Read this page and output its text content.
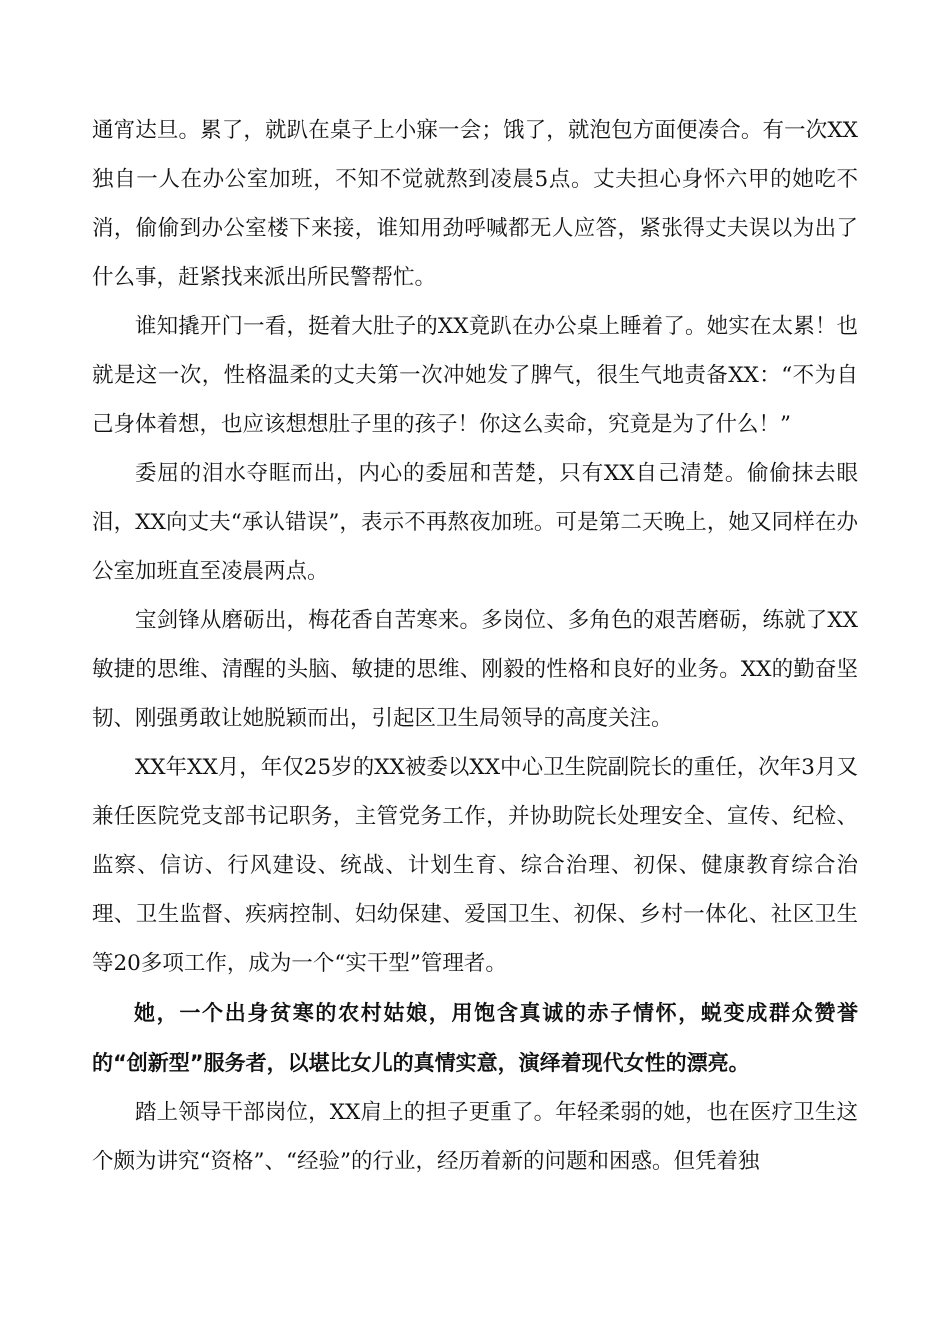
通宵达旦。累了，就趴在桌子上小寐一会；饿了，就泡包方面便凑合。有一次XX独自一人在办公室加班，不知不觉就熬到凌晨5点。丈夫担心身怀六甲的她吃不消，偷偷到办公室楼下来接，谁知用劲呼喊都无人应答，紧张得丈夫误以为出了什么事，赶紧找来派出所民警帮忙。

谁知撬开门一看，挺着大肚子的XX竟趴在办公桌上睡着了。她实在太累！也就是这一次，性格温柔的丈夫第一次冲她发了脾气，很生气地责备XX：“不为自己身体着想，也应该想想肚子里的孩子！你这么卖命，究竟是为了什么！”

委屈的泪水夺眶而出，内心的委屈和苦楚，只有XX自己清楚。偷偷抹去眼泪，XX向丈夫“承认错误”，表示不再熬夜加班。可是第二天晚上，她又同样在办公室加班直至凌晨两点。

宝剑锋从磨砺出，梅花香自苦寒来。多岗位、多角色的艰苦磨砺，练就了XX敏捷的思维、清醒的头脑、敏捷的思维、刚毅的性格和良好的业务。XX的勤奋坚韧、刚强勇敢让她脱颖而出，引起区卫生局领导的高度关注。

XX年XX月，年仅25岁的XX被委以XX中心卫生院副院长的重任，次年3月又兼任医院党支部书记职务，主管党务工作，并协助院长处理安全、宣传、纪检、监察、信访、行风建设、统战、计划生育、综合治理、初保、健康教育综合治理、卫生监督、疾病控制、妇幼保建、爱国卫生、初保、乡村一体化、社区卫生等20多项工作，成为一个“实干型”管理者。

她，一个出身贫寒的农村姑娘，用饱含真诚的赤子情怀，蜕变成群众赞誉的“创新型”服务者，以堪比女儿的真情实意，演绎着现代女性的漂亮。

踏上领导干部岗位，XX肩上的担子更重了。年轻柔弱的她，也在医疗卫生这个颇为讲究“资格”、“经验”的行业，经历着新的问题和困惑。但凭着独
